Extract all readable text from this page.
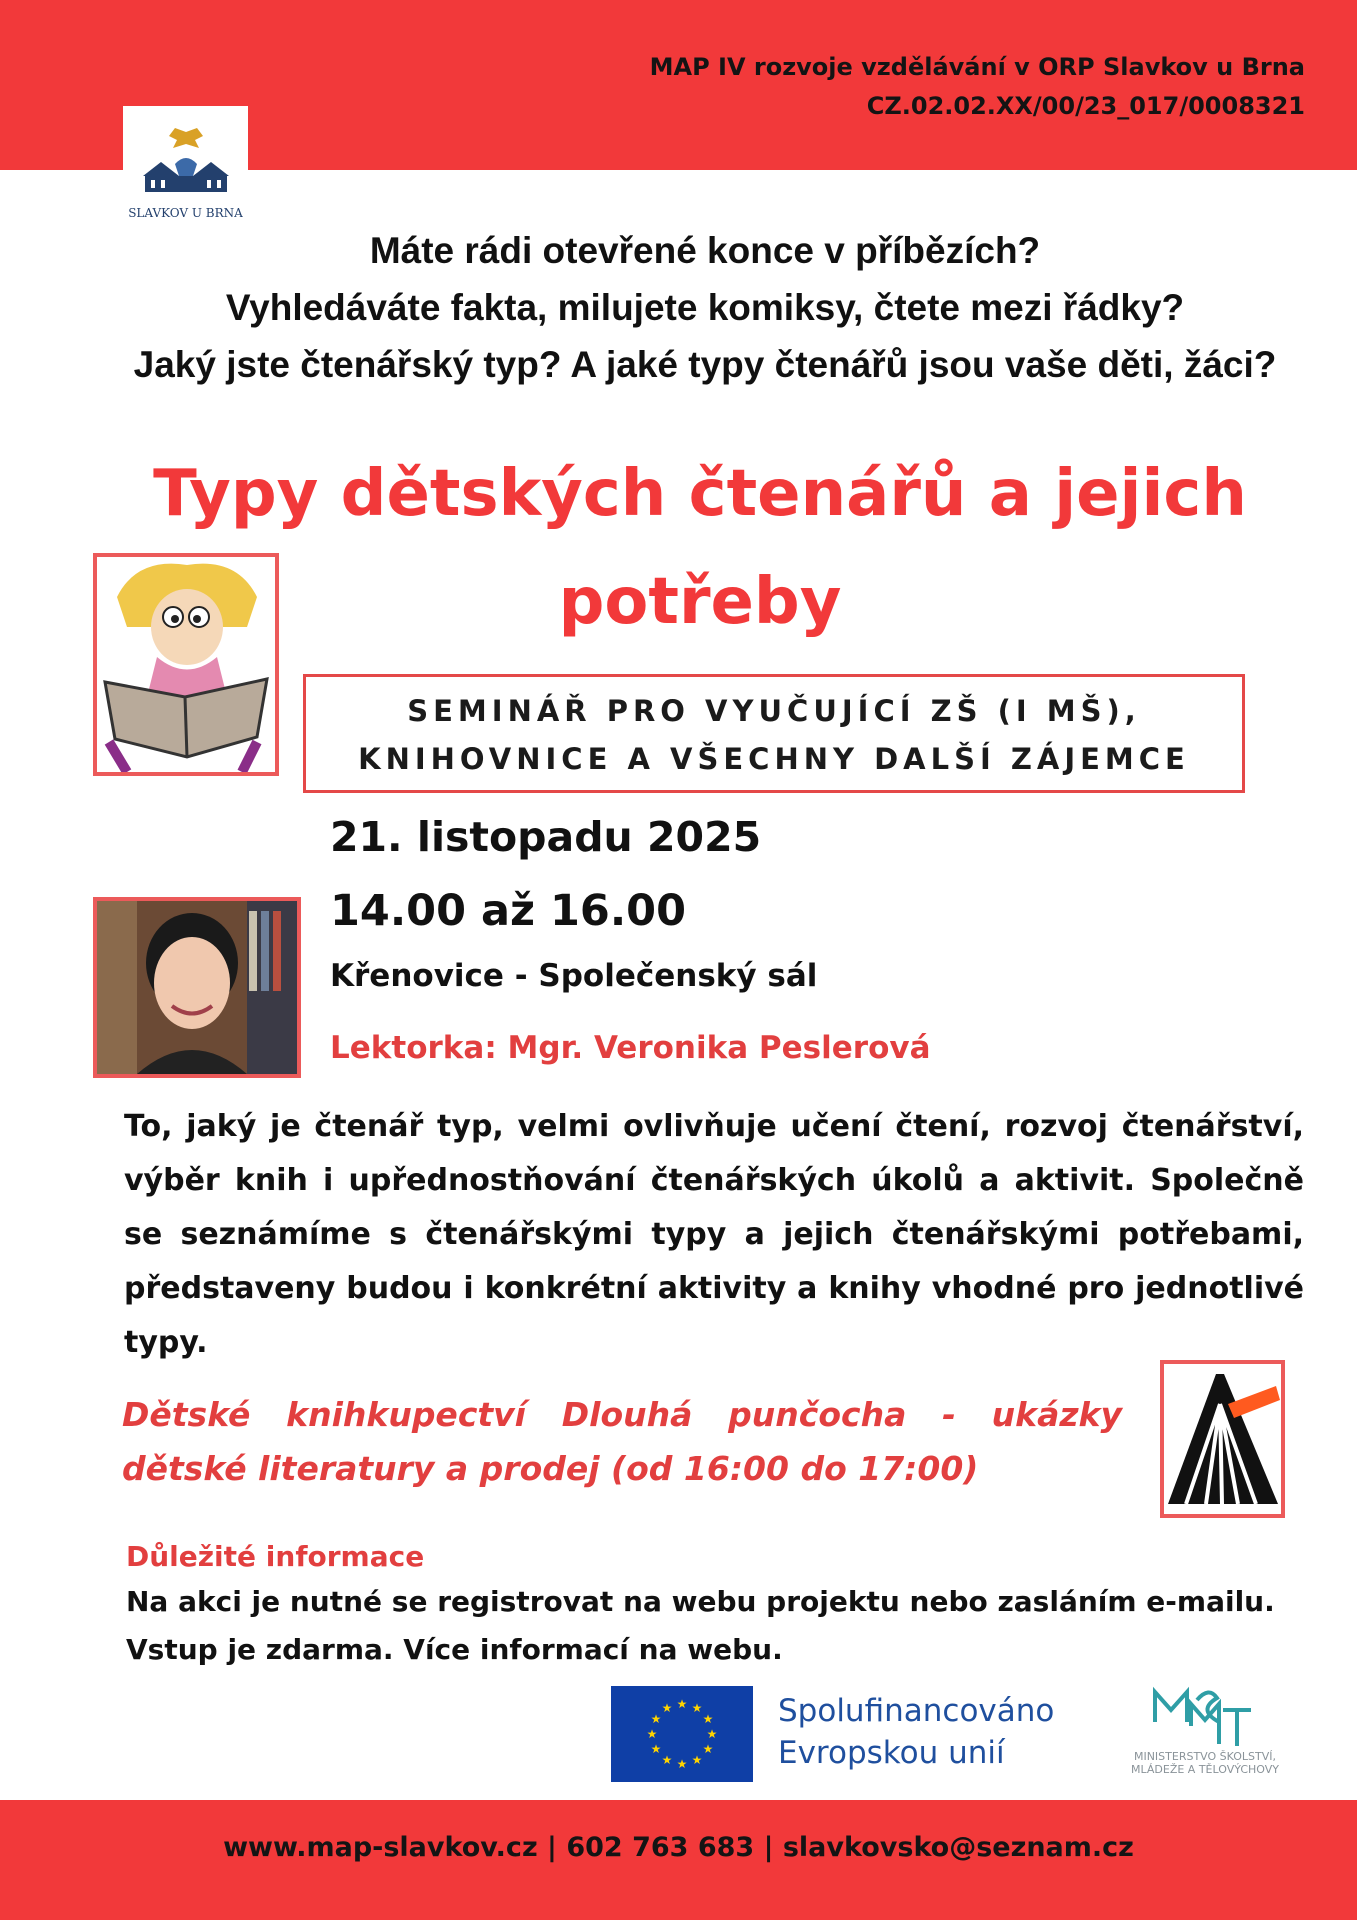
MAP IV rozvoje vzdělávání v ORP Slavkov u Brna
CZ.02.02.XX/00/23_017/0008321
SLAVKOV U BRNA
Máte rádi otevřené konce v příbězích?
Vyhledáváte fakta, milujete komiksy, čtete mezi řádky?
Jaký jste čtenářský typ? A jaké typy čtenářů jsou vaše děti, žáci?
Typy dětských čtenářů a jejich
potřeby
SEMINÁŘ PRO VYUČUJÍCÍ ZŠ (I MŠ),
KNIHOVNICE A VŠECHNY DALŠÍ ZÁJEMCE
21. listopadu 2025
14.00 až 16.00
Křenovice - Společenský sál
Lektorka: Mgr. Veronika Peslerová
To, jaký je čtenář typ, velmi ovlivňuje učení čtení, rozvoj čtenářství, výběr knih i upřednostňování čtenářských úkolů a aktivit. Společně se seznámíme s čtenářskými typy a jejich čtenářskými potřebami, představeny budou i konkrétní aktivity a knihy vhodné pro jednotlivé typy.
Dětské knihkupectví Dlouhá punčocha - ukázky dětské literatury a prodej (od 16:00 do 17:00)
Důležité informace
Na akci je nutné se registrovat na webu projektu nebo zasláním e-mailu.
Vstup je zdarma. Více informací na webu.
★ ★
★
★
★
★
★
★
★
★
★
★	Spolufinancováno
Evropskou unií	MINISTERSTVO ŠKOLSTVÍ,
MLÁDEŽE A TĚLOVÝCHOVY
www.map-slavkov.cz | 602 763 683 | slavkovsko@seznam.cz
